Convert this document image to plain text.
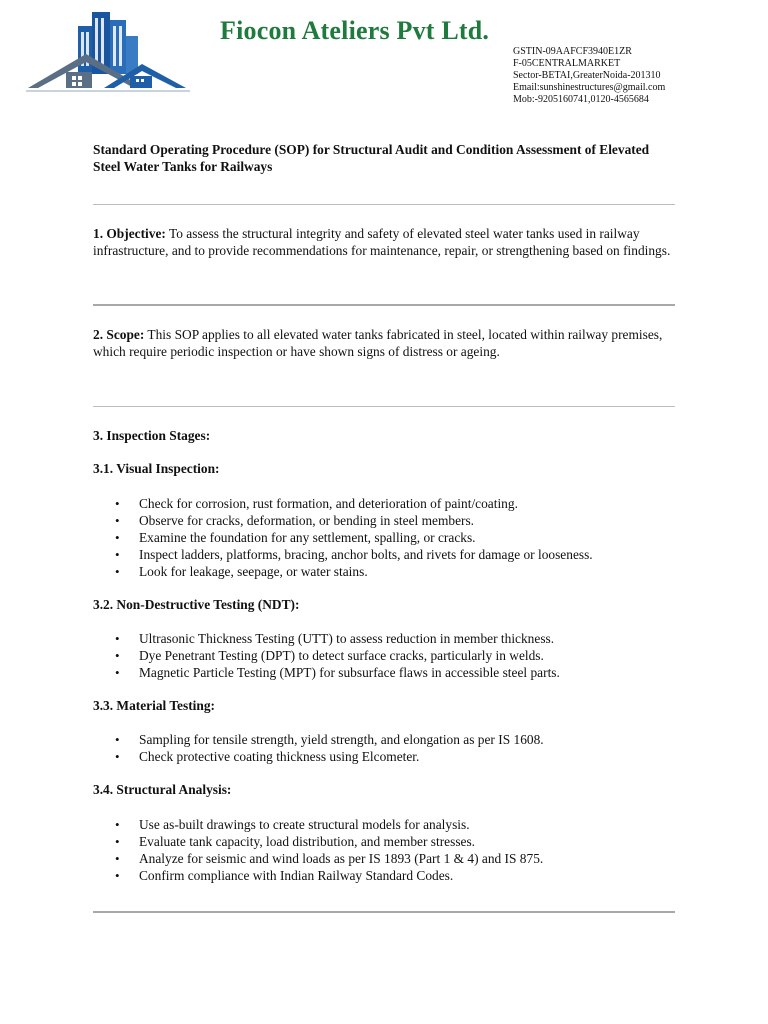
Fiocon Ateliers Pvt Ltd.
GSTIN-09AAFCF3940E1ZR
F-05CENTRALMARKET
Sector-BETAI,GreaterNoida-201310
Email:sunshinestructures@gmail.com
Mob:-9205160741,0120-4565684
Standard Operating Procedure (SOP) for Structural Audit and Condition Assessment of Elevated Steel Water Tanks for Railways
1. Objective: To assess the structural integrity and safety of elevated steel water tanks used in railway infrastructure, and to provide recommendations for maintenance, repair, or strengthening based on findings.
2. Scope: This SOP applies to all elevated water tanks fabricated in steel, located within railway premises, which require periodic inspection or have shown signs of distress or ageing.
3. Inspection Stages:
3.1. Visual Inspection:
• Check for corrosion, rust formation, and deterioration of paint/coating.
• Observe for cracks, deformation, or bending in steel members.
• Examine the foundation for any settlement, spalling, or cracks.
• Inspect ladders, platforms, bracing, anchor bolts, and rivets for damage or looseness.
• Look for leakage, seepage, or water stains.
3.2. Non-Destructive Testing (NDT):
• Ultrasonic Thickness Testing (UTT) to assess reduction in member thickness.
• Dye Penetrant Testing (DPT) to detect surface cracks, particularly in welds.
• Magnetic Particle Testing (MPT) for subsurface flaws in accessible steel parts.
3.3. Material Testing:
• Sampling for tensile strength, yield strength, and elongation as per IS 1608.
• Check protective coating thickness using Elcometer.
3.4. Structural Analysis:
• Use as-built drawings to create structural models for analysis.
• Evaluate tank capacity, load distribution, and member stresses.
• Analyze for seismic and wind loads as per IS 1893 (Part 1 & 4) and IS 875.
• Confirm compliance with Indian Railway Standard Codes.
